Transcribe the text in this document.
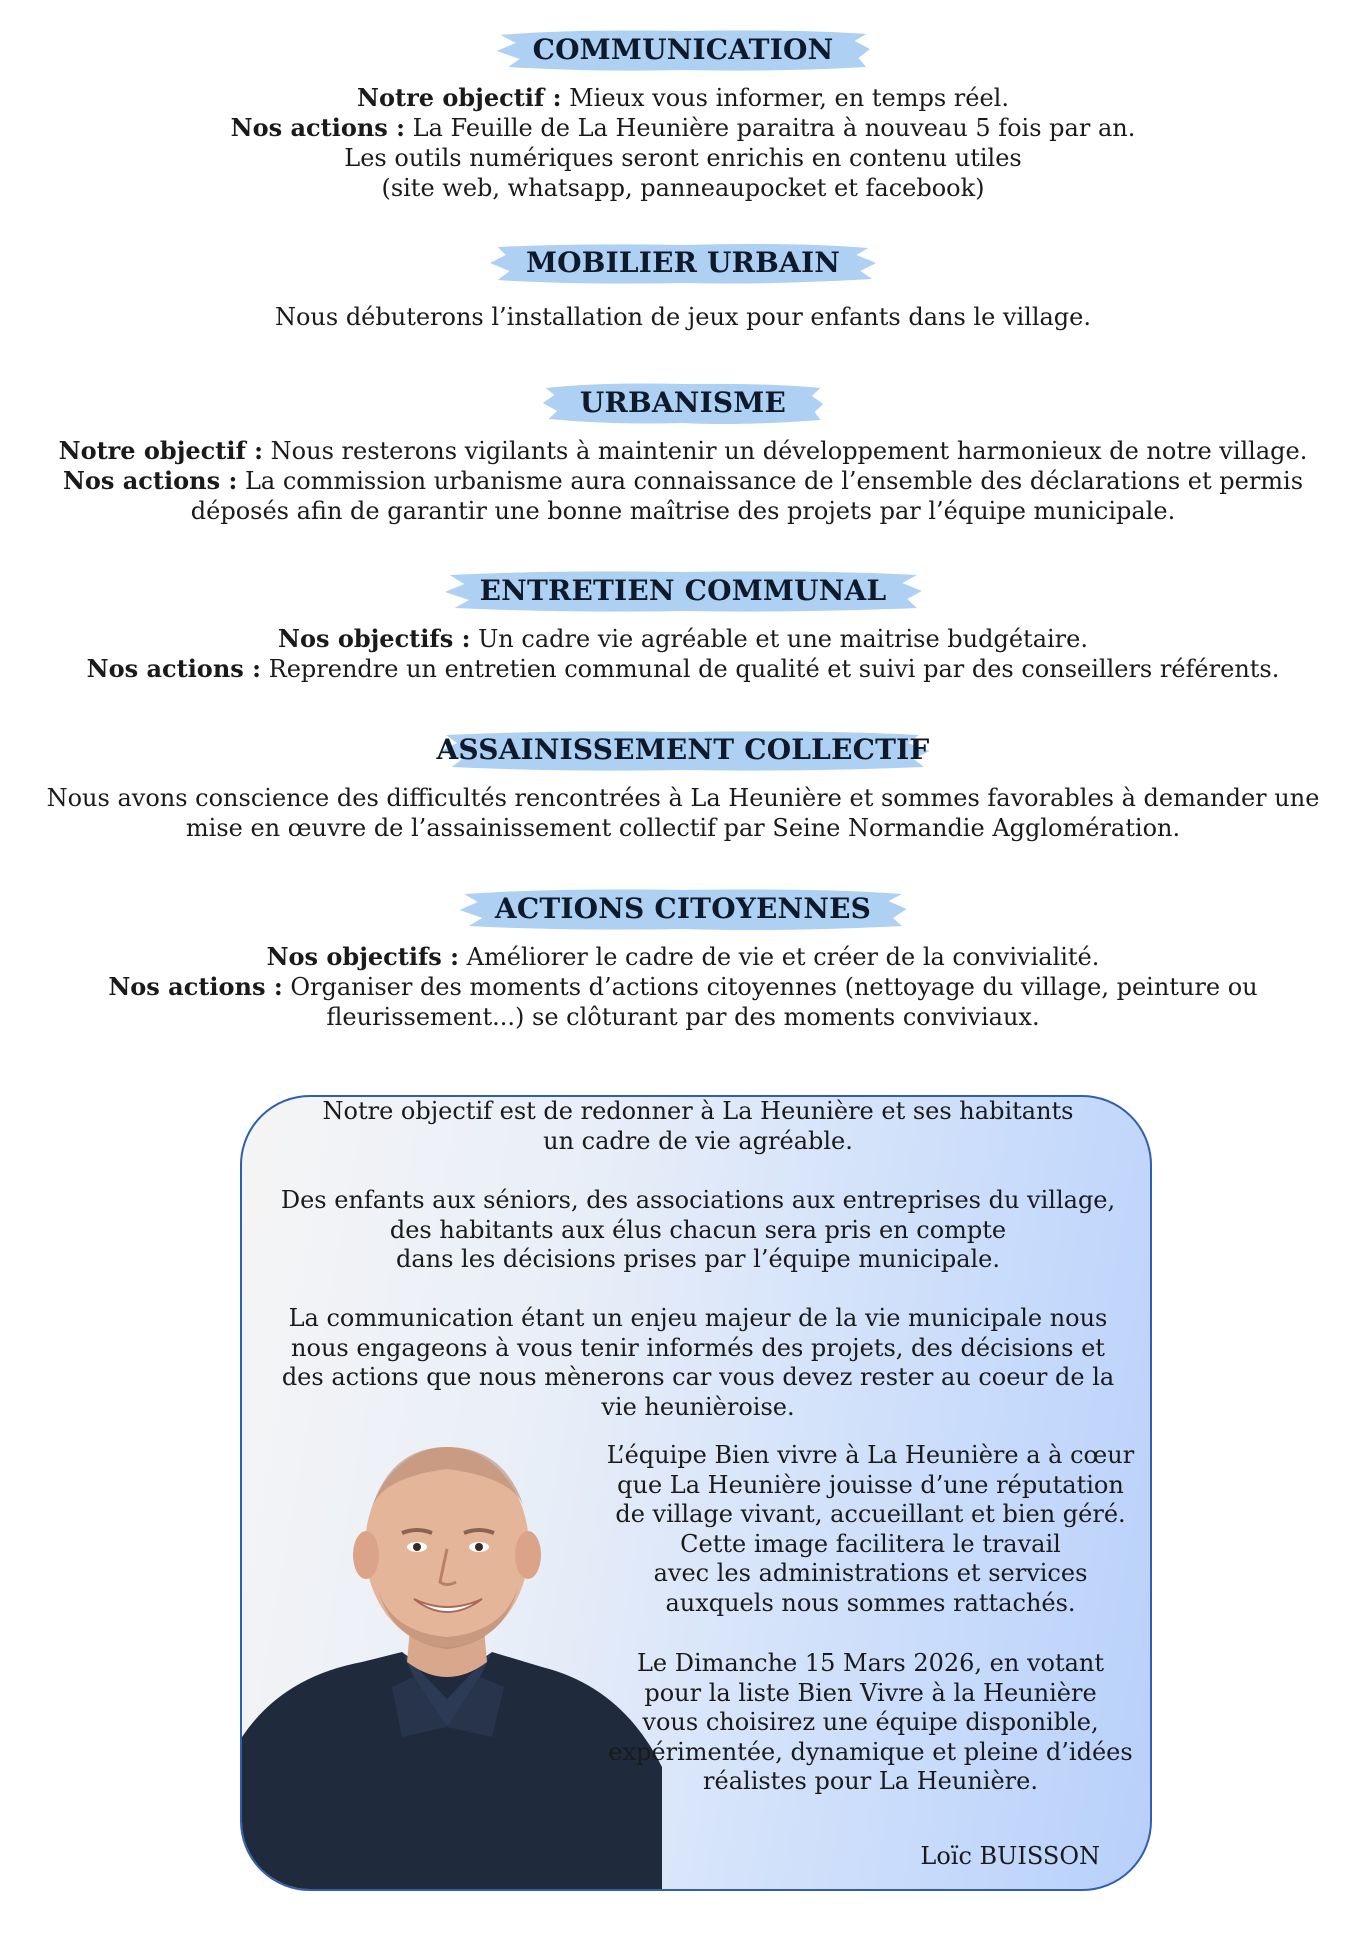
COMMUNICATION

Notre objectif : Mieux vous informer, en temps réel.

Nos actions : La Feuille de La Heunière paraitra à nouveau 5 fois par an.

Les outils numériques seront enrichis en contenu utiles

(site web, whatsapp, panneaupocket et facebook)

MOBILIER URBAIN

Nous débuterons l’installation de jeux pour enfants dans le village.

URBANISME

Notre objectif : Nous resterons vigilants à maintenir un développement harmonieux de notre village.

Nos actions : La commission urbanisme aura connaissance de l’ensemble des déclarations et permis

déposés afin de garantir une bonne maîtrise des projets par l’équipe municipale.

ENTRETIEN COMMUNAL

Nos objectifs : Un cadre vie agréable et une maitrise budgétaire.

Nos actions : Reprendre un entretien communal de qualité et suivi par des conseillers référents.

ASSAINISSEMENT COLLECTIF

Nous avons conscience des difficultés rencontrées à La Heunière et sommes favorables à demander une

mise en œuvre de l’assainissement collectif par Seine Normandie Agglomération.

ACTIONS CITOYENNES

Nos objectifs : Améliorer le cadre de vie et créer de la convivialité.

Nos actions : Organiser des moments d’actions citoyennes (nettoyage du village, peinture ou

fleurissement...) se clôturant par des moments conviviaux.

Notre objectif est de redonner à La Heunière et ses habitants

un cadre de vie agréable.

Des enfants aux séniors, des associations aux entreprises du village,

des habitants aux élus chacun sera pris en compte

dans les décisions prises par l’équipe municipale.

La communication étant un enjeu majeur de la vie municipale nous

nous engageons à vous tenir informés des projets, des décisions et

des actions que nous mènerons car vous devez rester au coeur de la

vie heunièroise.

L’équipe Bien vivre à La Heunière a à cœur

que La Heunière jouisse d’une réputation

de village vivant, accueillant et bien géré.

Cette image facilitera le travail

avec les administrations et services

auxquels nous sommes rattachés.

Le Dimanche 15 Mars 2026, en votant

pour la liste Bien Vivre à la Heunière

vous choisirez une équipe disponible,

expérimentée, dynamique et pleine d’idées

réalistes pour La Heunière.

Loïc BUISSON
